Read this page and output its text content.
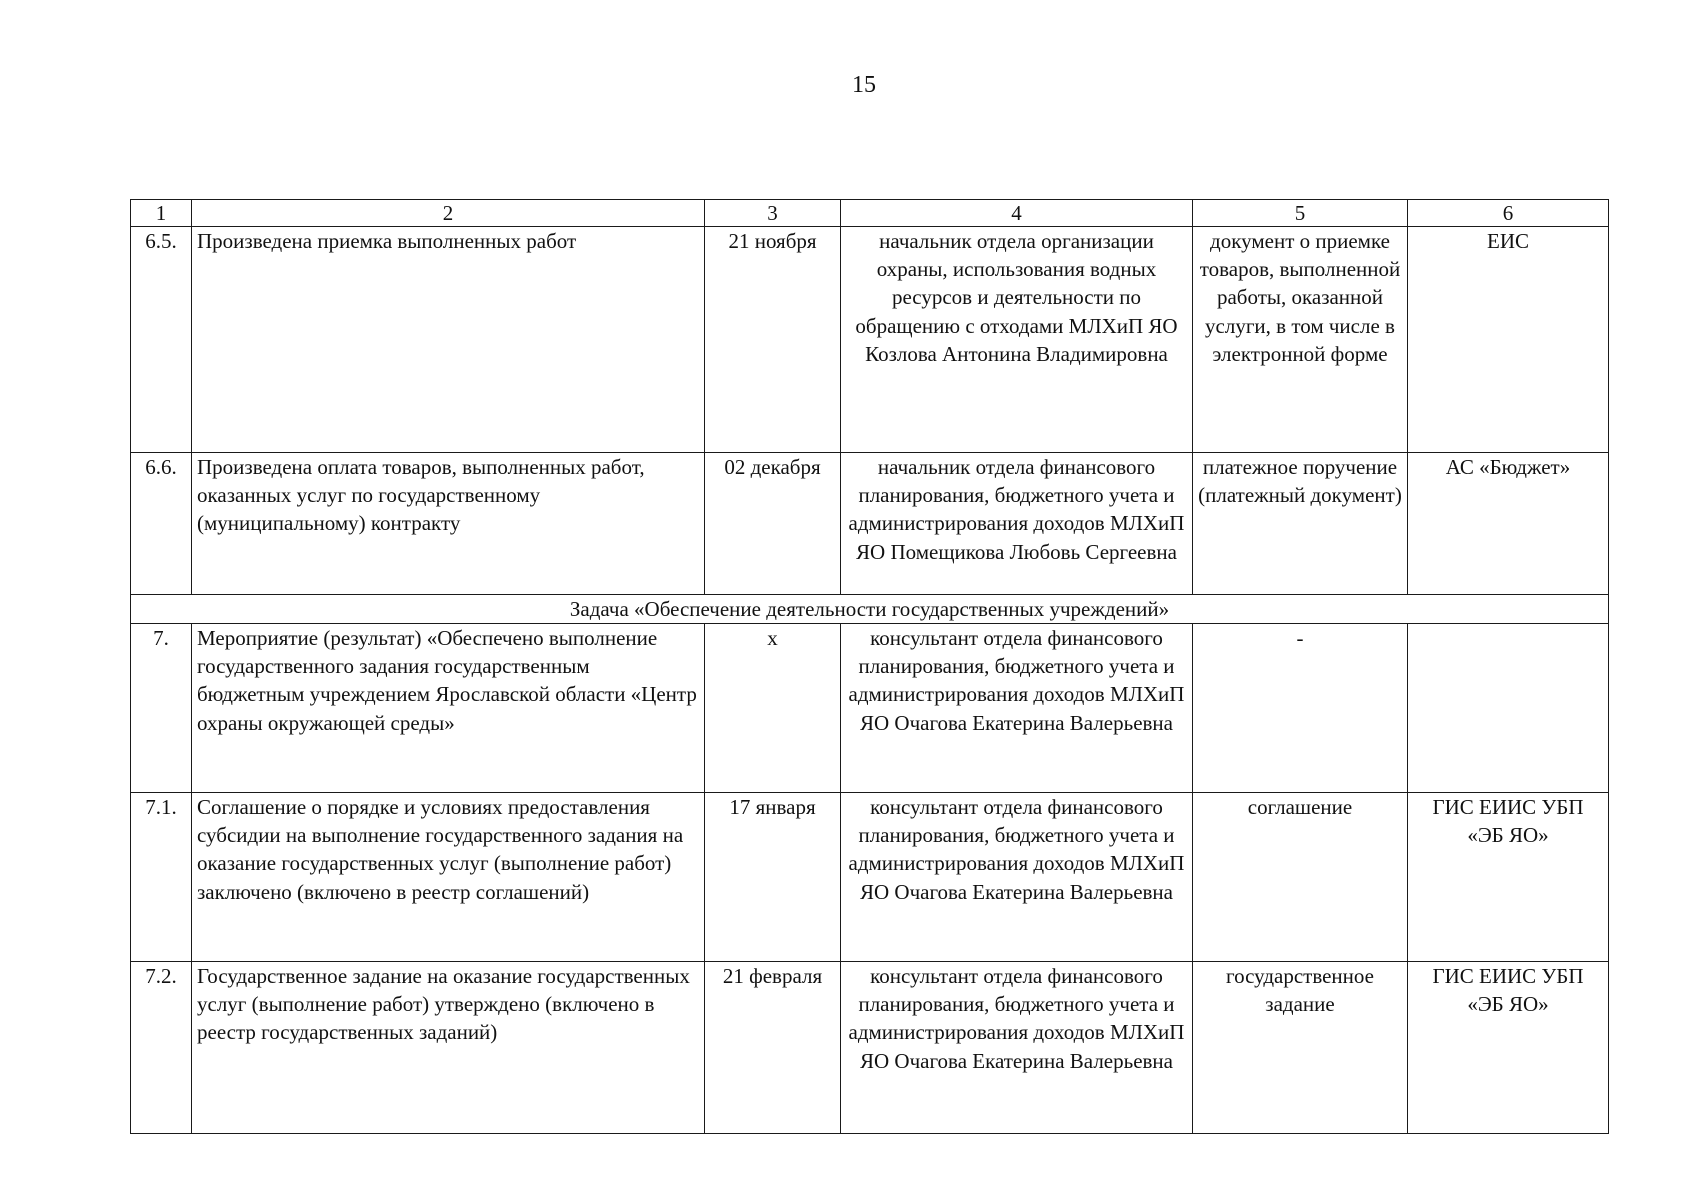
15
1	2	3	4	5	6
6.5.	Произведена приемка выполненных работ	21 ноября	начальник отдела организации охраны, использования водных ресурсов и деятельности по обращению с отходами МЛХиП ЯО Козлова Антонина Владимировна	документ о приемке товаров, выполненной работы, оказанной услуги, в том числе в электронной форме	ЕИС
6.6.	Произведена оплата товаров, выполненных работ, оказанных услуг по государственному (муниципальному) контракту	02 декабря	начальник отдела финансового планирования, бюджетного учета и администрирования доходов МЛХиП ЯО Помещикова Любовь Сергеевна	платежное поручение (платежный документ)	АС «Бюджет»
Задача «Обеспечение деятельности государственных учреждений»					
7.	Мероприятие (результат) «Обеспечено выполнение государственного задания государственным бюджетным учреждением Ярославской области «Центр охраны окружающей среды»	х	консультант отдела финансового планирования, бюджетного учета и администрирования доходов МЛХиП ЯО Очагова Екатерина Валерьевна	-	
7.1.	Соглашение о порядке и условиях предоставления субсидии на выполнение государственного задания на оказание государственных услуг (выполнение работ) заключено (включено в реестр соглашений)	17 января	консультант отдела финансового планирования, бюджетного учета и администрирования доходов МЛХиП ЯО Очагова Екатерина Валерьевна	соглашение	ГИС ЕИИС УБП «ЭБ ЯО»
7.2.	Государственное задание на оказание государственных услуг (выполнение работ) утверждено (включено в реестр государственных заданий)	21 февраля	консультант отдела финансового планирования, бюджетного учета и администрирования доходов МЛХиП ЯО Очагова Екатерина Валерьевна	государственное задание	ГИС ЕИИС УБП «ЭБ ЯО»
